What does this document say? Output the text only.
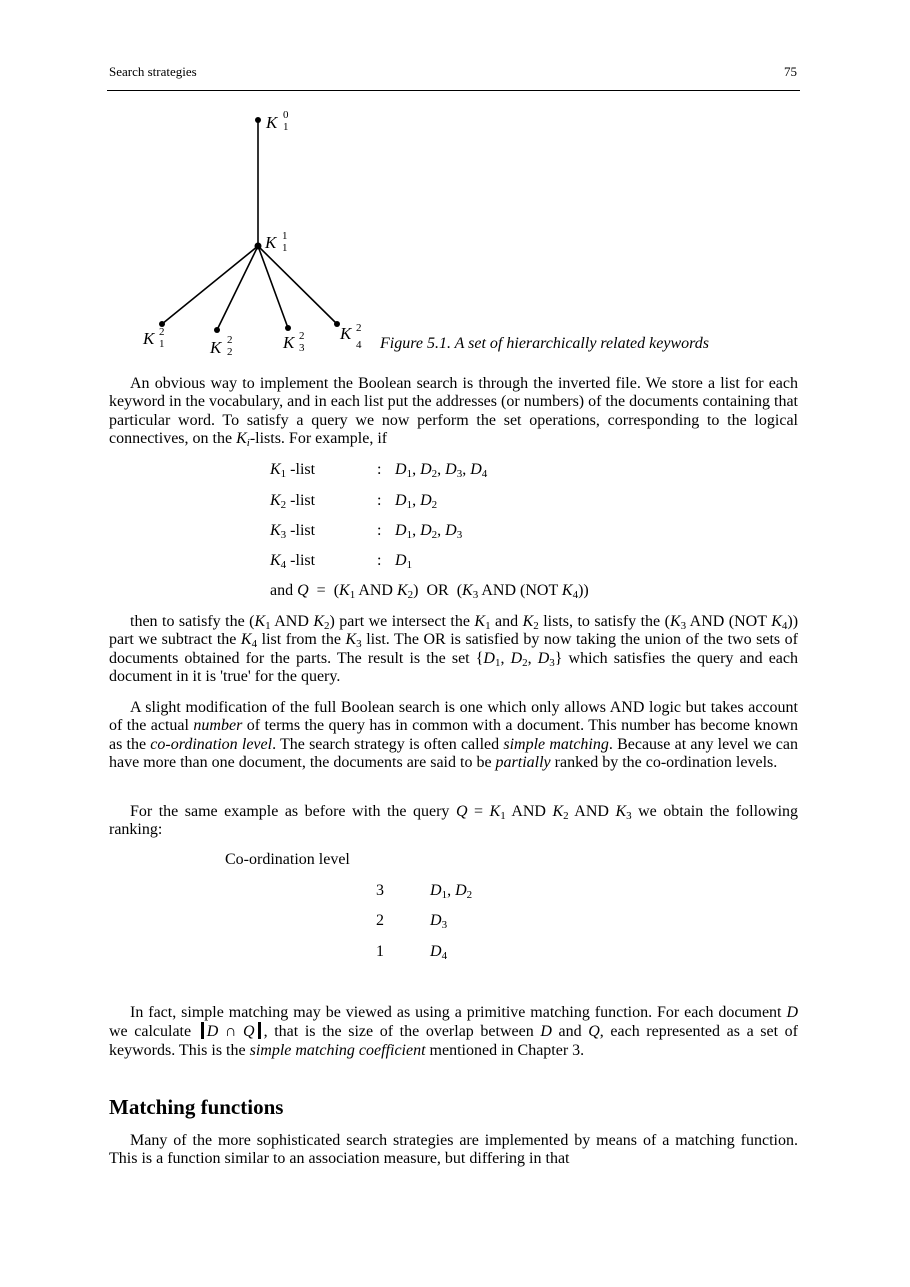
Search strategies	75
K 0
1
K 1
1
K 2
1	K 2
2	K 2
3
K 2
4 Figure 5.1. A set of hierarchically related keywords

An obvious way to implement the Boolean search is through the inverted file. We store a list for each keyword in the vocabulary, and in each list put the addresses (or numbers) of the documents containing that particular word. To satisfy a query we now perform the set operations, corresponding to the logical connectives, on the $K_i$-lists. For example, if

$K_1$ -list	: $D_1$, $D_2$, $D_3$, $D_4$
$K_2$ -list	: $D_1$, $D_2$
$K_3$ -list	: $D_1$, $D_2$, $D_3$
$K_4$ -list	: $D_1$
and $Q = (K_1$ AND $K_2$)  OR  ($K_3$ AND (NOT $K_4$))

then to satisfy the ($K_1$ AND $K_2$) part we intersect the $K_1$ and $K_2$ lists, to satisfy the ($K_3$ AND (NOT $K_4$)) part we subtract the $K_4$ list from the $K_3$ list. The OR is satisfied by now taking the union of the two sets of documents obtained for the parts. The result is the set {$D_1$, $D_2$, $D_3$} which satisfies the query and each document in it is 'true' for the query.

A slight modification of the full Boolean search is one which only allows AND logic but takes account of the actual number of terms the query has in common with a document. This number has become known as the co-ordination level. The search strategy is often called simple matching. Because at any level we can have more than one document, the documents are said to be partially ranked by the co-ordination levels.

For the same example as before with the query $Q = K_1$ AND $K_2$ AND $K_3$ we obtain the following ranking:

Co-ordination level
3	$D_1$, $D_2$
2	$D_3$
1	$D_4$

In fact, simple matching may be viewed as using a primitive matching function. For each document D we calculate D ∩ Q , that is the size of the overlap between D and Q, each represented as a set of keywords. This is the simple matching coefficient mentioned in Chapter 3.

Matching functions

Many of the more sophisticated search strategies are implemented by means of a matching function. This is a function similar to an association measure, but differing in that
